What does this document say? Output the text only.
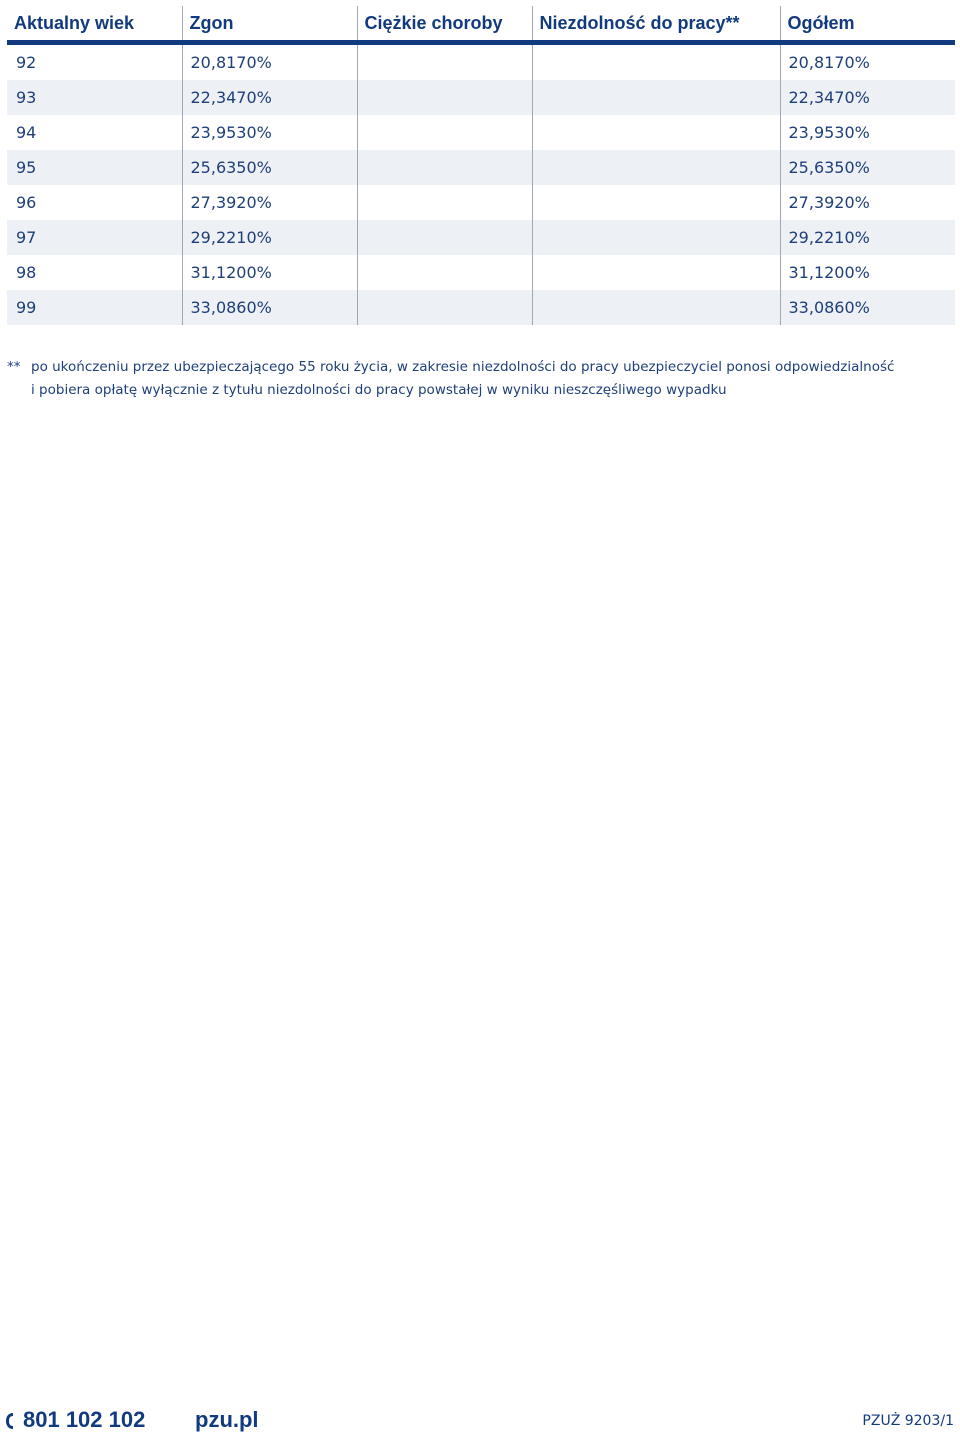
Aktualny wiek	Zgon	Ciężkie choroby	Niezdolność do pracy**	Ogółem
92	20,8170%			20,8170%
93	22,3470%			22,3470%
94	23,9530%			23,9530%
95	25,6350%			25,6350%
96	27,3920%			27,3920%
97	29,2210%			29,2210%
98	31,1200%			31,1200%
99	33,0860%			33,0860%
** po ukończeniu przez ubezpieczającego 55 roku życia, w zakresie niezdolności do pracy ubezpieczyciel ponosi odpowiedzialność
i pobiera opłatę wyłącznie z tytułu niezdolności do pracy powstałej w wyniku nieszczęśliwego wypadku
801 102 102 pzu.pl	PZUŻ 9203/1
